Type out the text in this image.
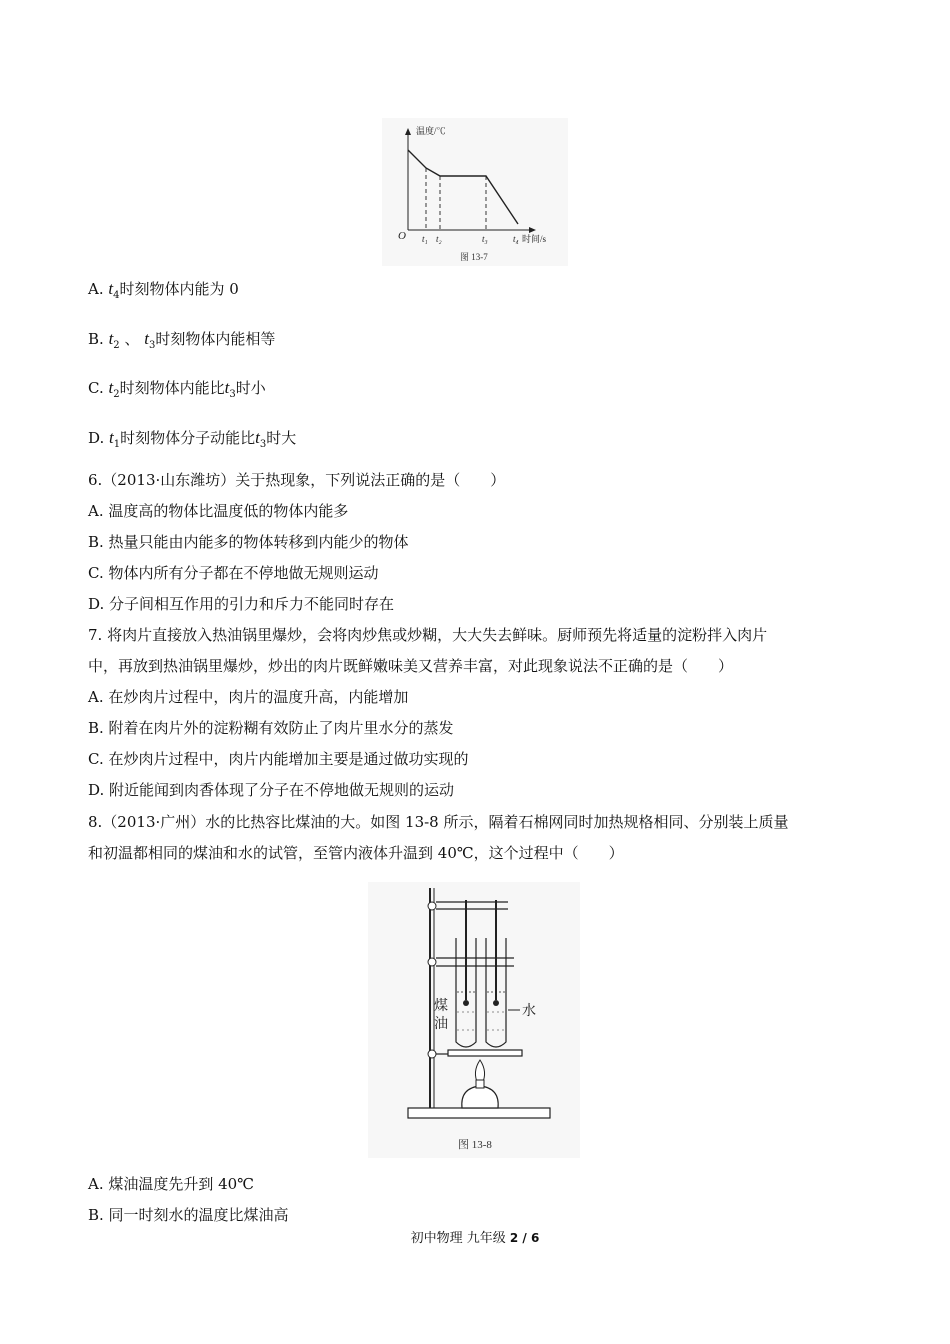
温度/℃
时间/s
O t₁ t₂	t₃	t₄
图 13-7
A. $t_4$时刻物体内能为 0
B. $t_2$ 、 $t_3$时刻物体内能相等
C. $t_2$时刻物体内能比$t_3$时小
D. $t_1$时刻物体分子动能比$t_3$时大
6.（2013·山东潍坊）关于热现象，下列说法正确的是（　　）
A. 温度高的物体比温度低的物体内能多
B. 热量只能由内能多的物体转移到内能少的物体
C. 物体内所有分子都在不停地做无规则运动
D. 分子间相互作用的引力和斥力不能同时存在
7. 将肉片直接放入热油锅里爆炒，会将肉炒焦或炒糊，大大失去鲜味。厨师预先将适量的淀粉拌入肉片
中，再放到热油锅里爆炒，炒出的肉片既鲜嫩味美又营养丰富，对此现象说法不正确的是（　　）
A. 在炒肉片过程中，肉片的温度升高，内能增加
B. 附着在肉片外的淀粉糊有效防止了肉片里水分的蒸发
C. 在炒肉片过程中，肉片内能增加主要是通过做功实现的
D. 附近能闻到肉香体现了分子在不停地做无规则的运动
8.（2013·广州）水的比热容比煤油的大。如图 13-8 所示，隔着石棉网同时加热规格相同、分别装上质量
和初温都相同的煤油和水的试管，至管内液体升温到 40℃，这个过程中（　　）
煤
油
水
图 13-8
A. 煤油温度先升到 40℃
B. 同一时刻水的温度比煤油高
初中物理 九年级 2 / 6
